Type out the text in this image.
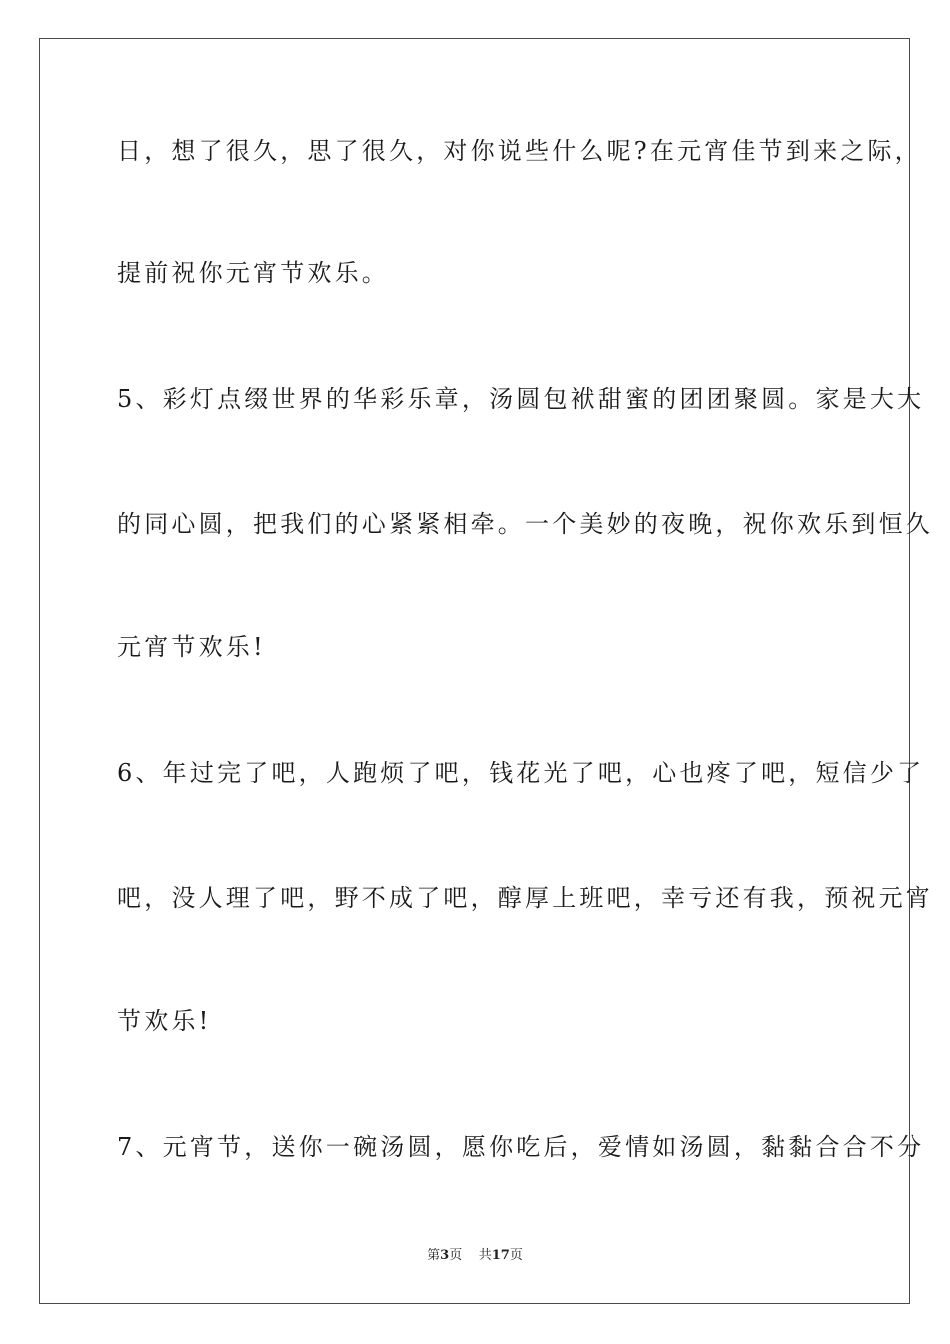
日，想了很久，思了很久，对你说些什么呢?在元宵佳节到来之际，
提前祝你元宵节欢乐。
5、彩灯点缀世界的华彩乐章，汤圆包袱甜蜜的团团聚圆。家是大大
的同心圆，把我们的心紧紧相牵。一个美妙的夜晚，祝你欢乐到恒久
元宵节欢乐!
6、年过完了吧，人跑烦了吧，钱花光了吧，心也疼了吧，短信少了
吧，没人理了吧，野不成了吧，醇厚上班吧，幸亏还有我，预祝元宵
节欢乐!
7、元宵节，送你一碗汤圆，愿你吃后，爱情如汤圆，黏黏合合不分
第3页 共17页
